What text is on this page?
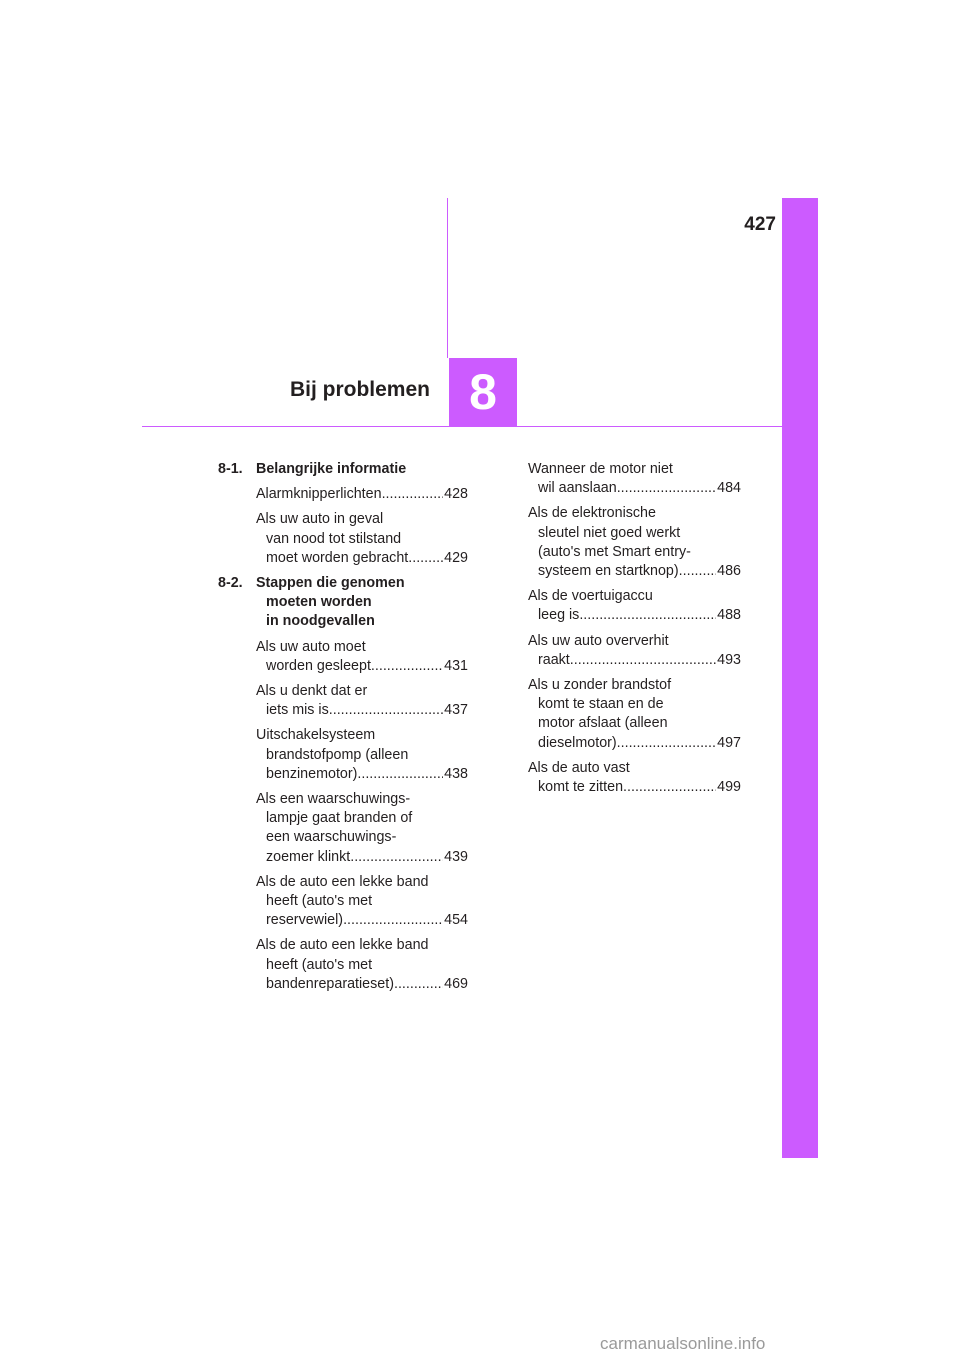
427
8
Bij problemen
8-1. Belangrijke informatie
Alarmknipperlichten .....	428
Als uw auto in geval
van nood tot stilstand
moet worden gebracht .....	429
8-2. Stappen die genomen
moeten worden
in noodgevallen
Als uw auto moet
worden gesleept .....	431
Als u denkt dat er
iets mis is .....	437
Uitschakelsysteem
brandstofpomp (alleen
benzinemotor) .....	438
Als een waarschuwings-
lampje gaat branden of
een waarschuwings-
zoemer klinkt .....	439
Als de auto een lekke band
heeft (auto's met
reservewiel) .....	454
Als de auto een lekke band
heeft (auto's met
bandenreparatieset) .....	469
Wanneer de motor niet
wil aanslaan .....	484
Als de elektronische
sleutel niet goed werkt
(auto's met Smart entry-
systeem en startknop) .....	486
Als de voertuigaccu
leeg is .....	488
Als uw auto oververhit
raakt .....	493
Als u zonder brandstof
komt te staan en de
motor afslaat (alleen
dieselmotor) .....	497
Als de auto vast
komt te zitten .....	499
carmanualsonline.info
